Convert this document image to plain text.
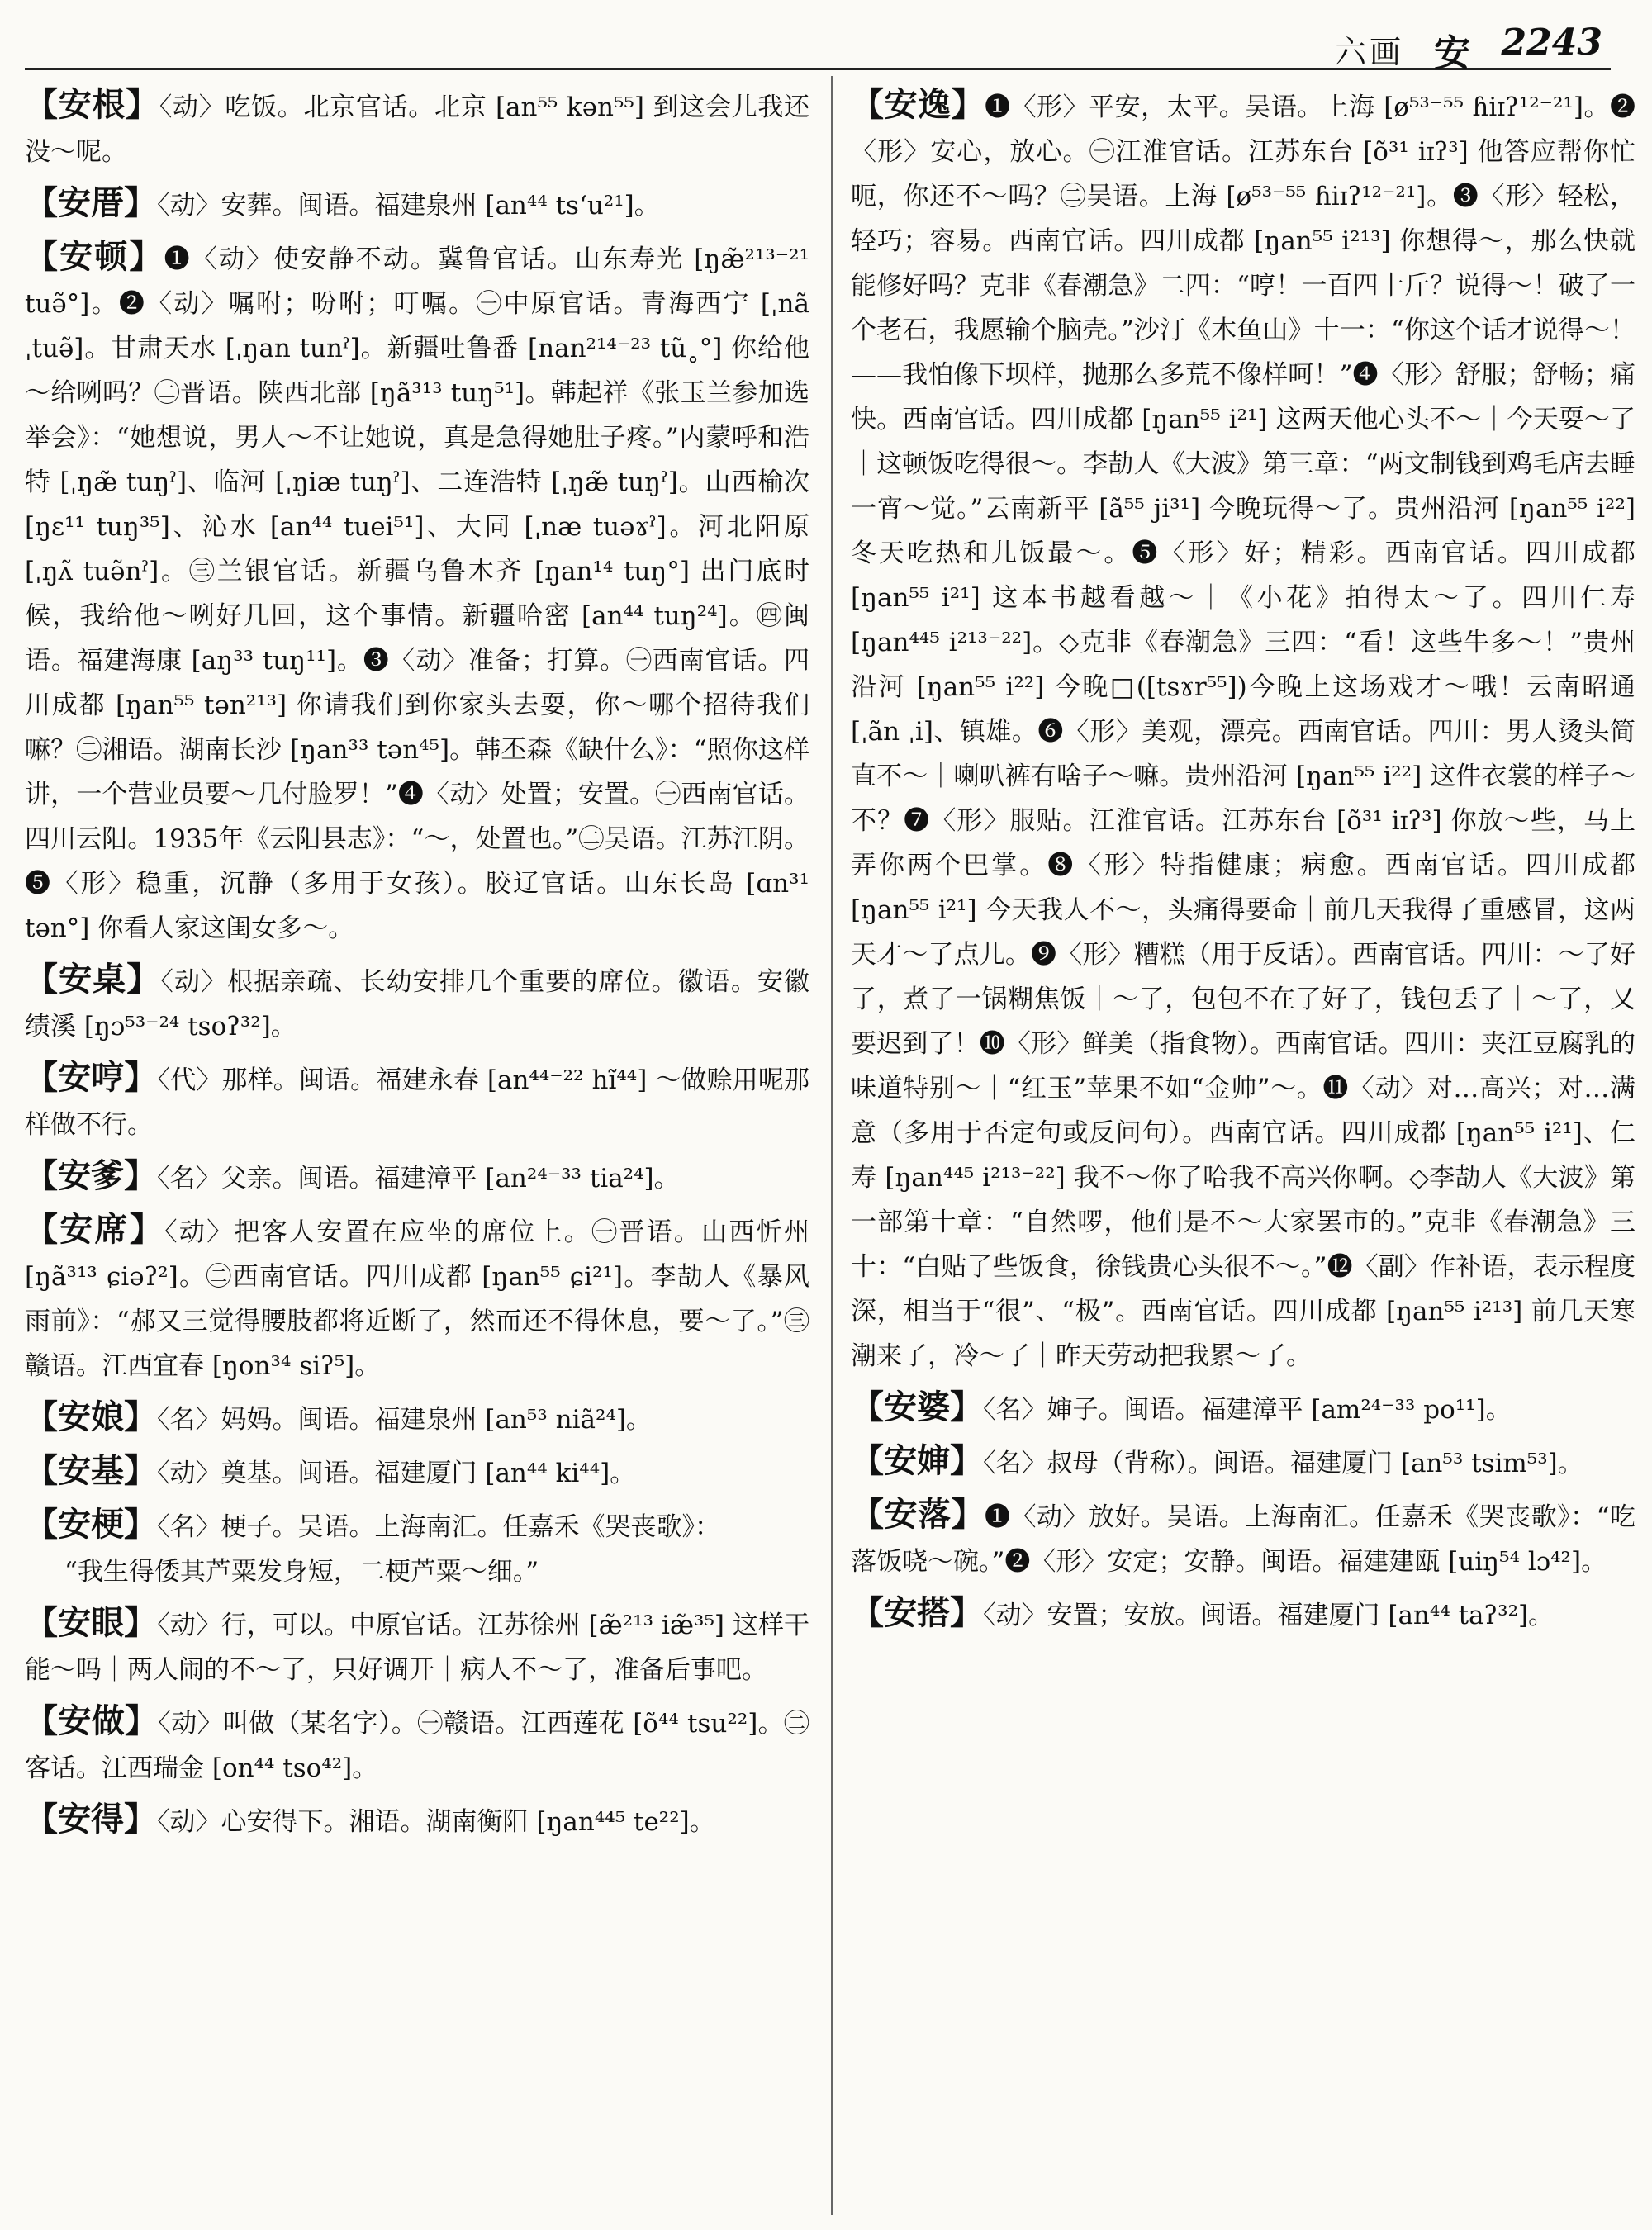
六画 安 2243

【安根】〈动〉吃饭。北京官话。北京 [an⁵⁵ kən⁵⁵] 到这会儿我还没～呢。

【安厝】〈动〉安葬。闽语。福建泉州 [an⁴⁴ tsʻu²¹]。

【安顿】❶〈动〉使安静不动。冀鲁官话。山东寿光 [ŋæ̃²¹³⁻²¹ tuə̃°]。❷〈动〉嘱咐；吩咐；叮嘱。㊀中原官话。青海西宁 [ˌnã ˌtuə̃]。甘肃天水 [ˌŋan tunˀ]。新疆吐鲁番 [nan²¹⁴⁻²³ tũ˳°] 你给他～给咧吗？㊁晋语。陕西北部 [ŋã³¹³ tuŋ⁵¹]。韩起祥《张玉兰参加选举会》：“她想说，男人～不让她说，真是急得她肚子疼。”内蒙呼和浩特 [ˌŋæ̃ tuŋˀ]、临河 [ˌŋiæ tuŋˀ]、二连浩特 [ˌŋæ̃ tuŋˀ]。山西榆次 [ŋɛ¹¹ tuŋ³⁵]、沁水 [an⁴⁴ tuei⁵¹]、大同 [ˌnæ tuəɤˀ]。河北阳原 [ˌŋʌ̃ tuə̃nˀ]。㊂兰银官话。新疆乌鲁木齐 [ŋan¹⁴ tuŋ°] 出门底时候，我给他～咧好几回，这个事情。新疆哈密 [an⁴⁴ tuŋ²⁴]。㊃闽语。福建海康 [aŋ³³ tuŋ¹¹]。❸〈动〉准备；打算。㊀西南官话。四川成都 [ŋan⁵⁵ tən²¹³] 你请我们到你家头去耍，你～哪个招待我们嘛？㊁湘语。湖南长沙 [ŋan³³ tən⁴⁵]。韩丕森《缺什么》：“照你这样讲，一个营业员要～几付脸罗！”❹〈动〉处置；安置。㊀西南官话。四川云阳。1935年《云阳县志》：“～，处置也。”㊁吴语。江苏江阴。❺〈形〉稳重，沉静（多用于女孩）。胶辽官话。山东长岛 [ɑn³¹ tən°] 你看人家这闺女多～。

【安桌】〈动〉根据亲疏、长幼安排几个重要的席位。徽语。安徽绩溪 [ŋɔ⁵³⁻²⁴ tsoʔ³²]。

【安哼】〈代〉那样。闽语。福建永春 [an⁴⁴⁻²² hĩ⁴⁴] ～做赊用呢那样做不行。

【安爹】〈名〉父亲。闽语。福建漳平 [an²⁴⁻³³ tia²⁴]。

【安席】〈动〉把客人安置在应坐的席位上。㊀晋语。山西忻州 [ŋã³¹³ ɕiəʔ²]。㊁西南官话。四川成都 [ŋan⁵⁵ ɕi²¹]。李劼人《暴风雨前》：“郝又三觉得腰肢都将近断了，然而还不得休息，要～了。”㊂赣语。江西宜春 [ŋon³⁴ siʔ⁵]。

【安娘】〈名〉妈妈。闽语。福建泉州 [an⁵³ niã²⁴]。

【安基】〈动〉奠基。闽语。福建厦门 [an⁴⁴ ki⁴⁴]。

【安梗】〈名〉梗子。吴语。上海南汇。任嘉禾《哭丧歌》：
“我生得倭其芦粟发身短，二梗芦粟～细。”

【安眼】〈动〉行，可以。中原官话。江苏徐州 [æ̃²¹³ iæ̃³⁵] 这样干能～吗｜两人闹的不～了，只好调开｜病人不～了，准备后事吧。

【安做】〈动〉叫做（某名字）。㊀赣语。江西莲花 [õ⁴⁴ tsu²²]。㊁客话。江西瑞金 [on⁴⁴ tso⁴²]。

【安得】〈动〉心安得下。湘语。湖南衡阳 [ŋan⁴⁴⁵ te²²]。

【安逸】❶〈形〉平安，太平。吴语。上海 [ø⁵³⁻⁵⁵ ɦiɪʔ¹²⁻²¹]。❷〈形〉安心，放心。㊀江淮官话。江苏东台 [õ³¹ iɪʔ³] 他答应帮你忙呃，你还不～吗？㊁吴语。上海 [ø⁵³⁻⁵⁵ ɦiɪʔ¹²⁻²¹]。❸〈形〉轻松，轻巧；容易。西南官话。四川成都 [ŋan⁵⁵ i²¹³] 你想得～，那么快就能修好吗？克非《春潮急》二四：“哼！一百四十斤？说得～！破了一个老石，我愿输个脑壳。”沙汀《木鱼山》十一：“你这个话才说得～！——我怕像下坝样，抛那么多荒不像样呵！”❹〈形〉舒服；舒畅；痛快。西南官话。四川成都 [ŋan⁵⁵ i²¹] 这两天他心头不～｜今天耍～了｜这顿饭吃得很～。李劼人《大波》第三章：“两文制钱到鸡毛店去睡一宵～觉。”云南新平 [ã⁵⁵ ji³¹] 今晚玩得～了。贵州沿河 [ŋan⁵⁵ i²²] 冬天吃热和儿饭最～。❺〈形〉好；精彩。西南官话。四川成都 [ŋan⁵⁵ i²¹] 这本书越看越～｜《小花》拍得太～了。四川仁寿 [ŋan⁴⁴⁵ i²¹³⁻²²]。◇克非《春潮急》三四：“看！这些牛多～！”贵州沿河 [ŋan⁵⁵ i²²] 今晚□([tsɤr⁵⁵])今晚上这场戏才～哦！云南昭通 [ˌãn ˌi]、镇雄。❻〈形〉美观，漂亮。西南官话。四川：男人烫头简直不～｜喇叭裤有啥子～嘛。贵州沿河 [ŋan⁵⁵ i²²] 这件衣裳的样子～不？❼〈形〉服贴。江淮官话。江苏东台 [õ³¹ iɪʔ³] 你放～些，马上弄你两个巴掌。❽〈形〉特指健康；病愈。西南官话。四川成都 [ŋan⁵⁵ i²¹] 今天我人不～，头痛得要命｜前几天我得了重感冒，这两天才～了点儿。❾〈形〉糟糕（用于反话）。西南官话。四川：～了好了，煮了一锅糊焦饭｜～了，包包不在了好了，钱包丢了｜～了，又要迟到了！❿〈形〉鲜美（指食物）。西南官话。四川：夹江豆腐乳的味道特别～｜“红玉”苹果不如“金帅”～。⓫〈动〉对…高兴；对…满意（多用于否定句或反问句）。西南官话。四川成都 [ŋan⁵⁵ i²¹]、仁寿 [ŋan⁴⁴⁵ i²¹³⁻²²] 我不～你了哈我不高兴你啊。◇李劼人《大波》第一部第十章：“自然啰，他们是不～大家罢市的。”克非《春潮急》三十：“白贴了些饭食，徐钱贵心头很不～。”⓬〈副〉作补语，表示程度深，相当于“很”、“极”。西南官话。四川成都 [ŋan⁵⁵ i²¹³] 前几天寒潮来了，冷～了｜昨天劳动把我累～了。

【安婆】〈名〉婶子。闽语。福建漳平 [am²⁴⁻³³ po¹¹]。

【安婶】〈名〉叔母（背称）。闽语。福建厦门 [an⁵³ tsim⁵³]。

【安落】❶〈动〉放好。吴语。上海南汇。任嘉禾《哭丧歌》：“吃落饭哓～碗。”❷〈形〉安定；安静。闽语。福建建瓯 [uiŋ⁵⁴ lɔ⁴²]。

【安搭】〈动〉安置；安放。闽语。福建厦门 [an⁴⁴ taʔ³²]。
